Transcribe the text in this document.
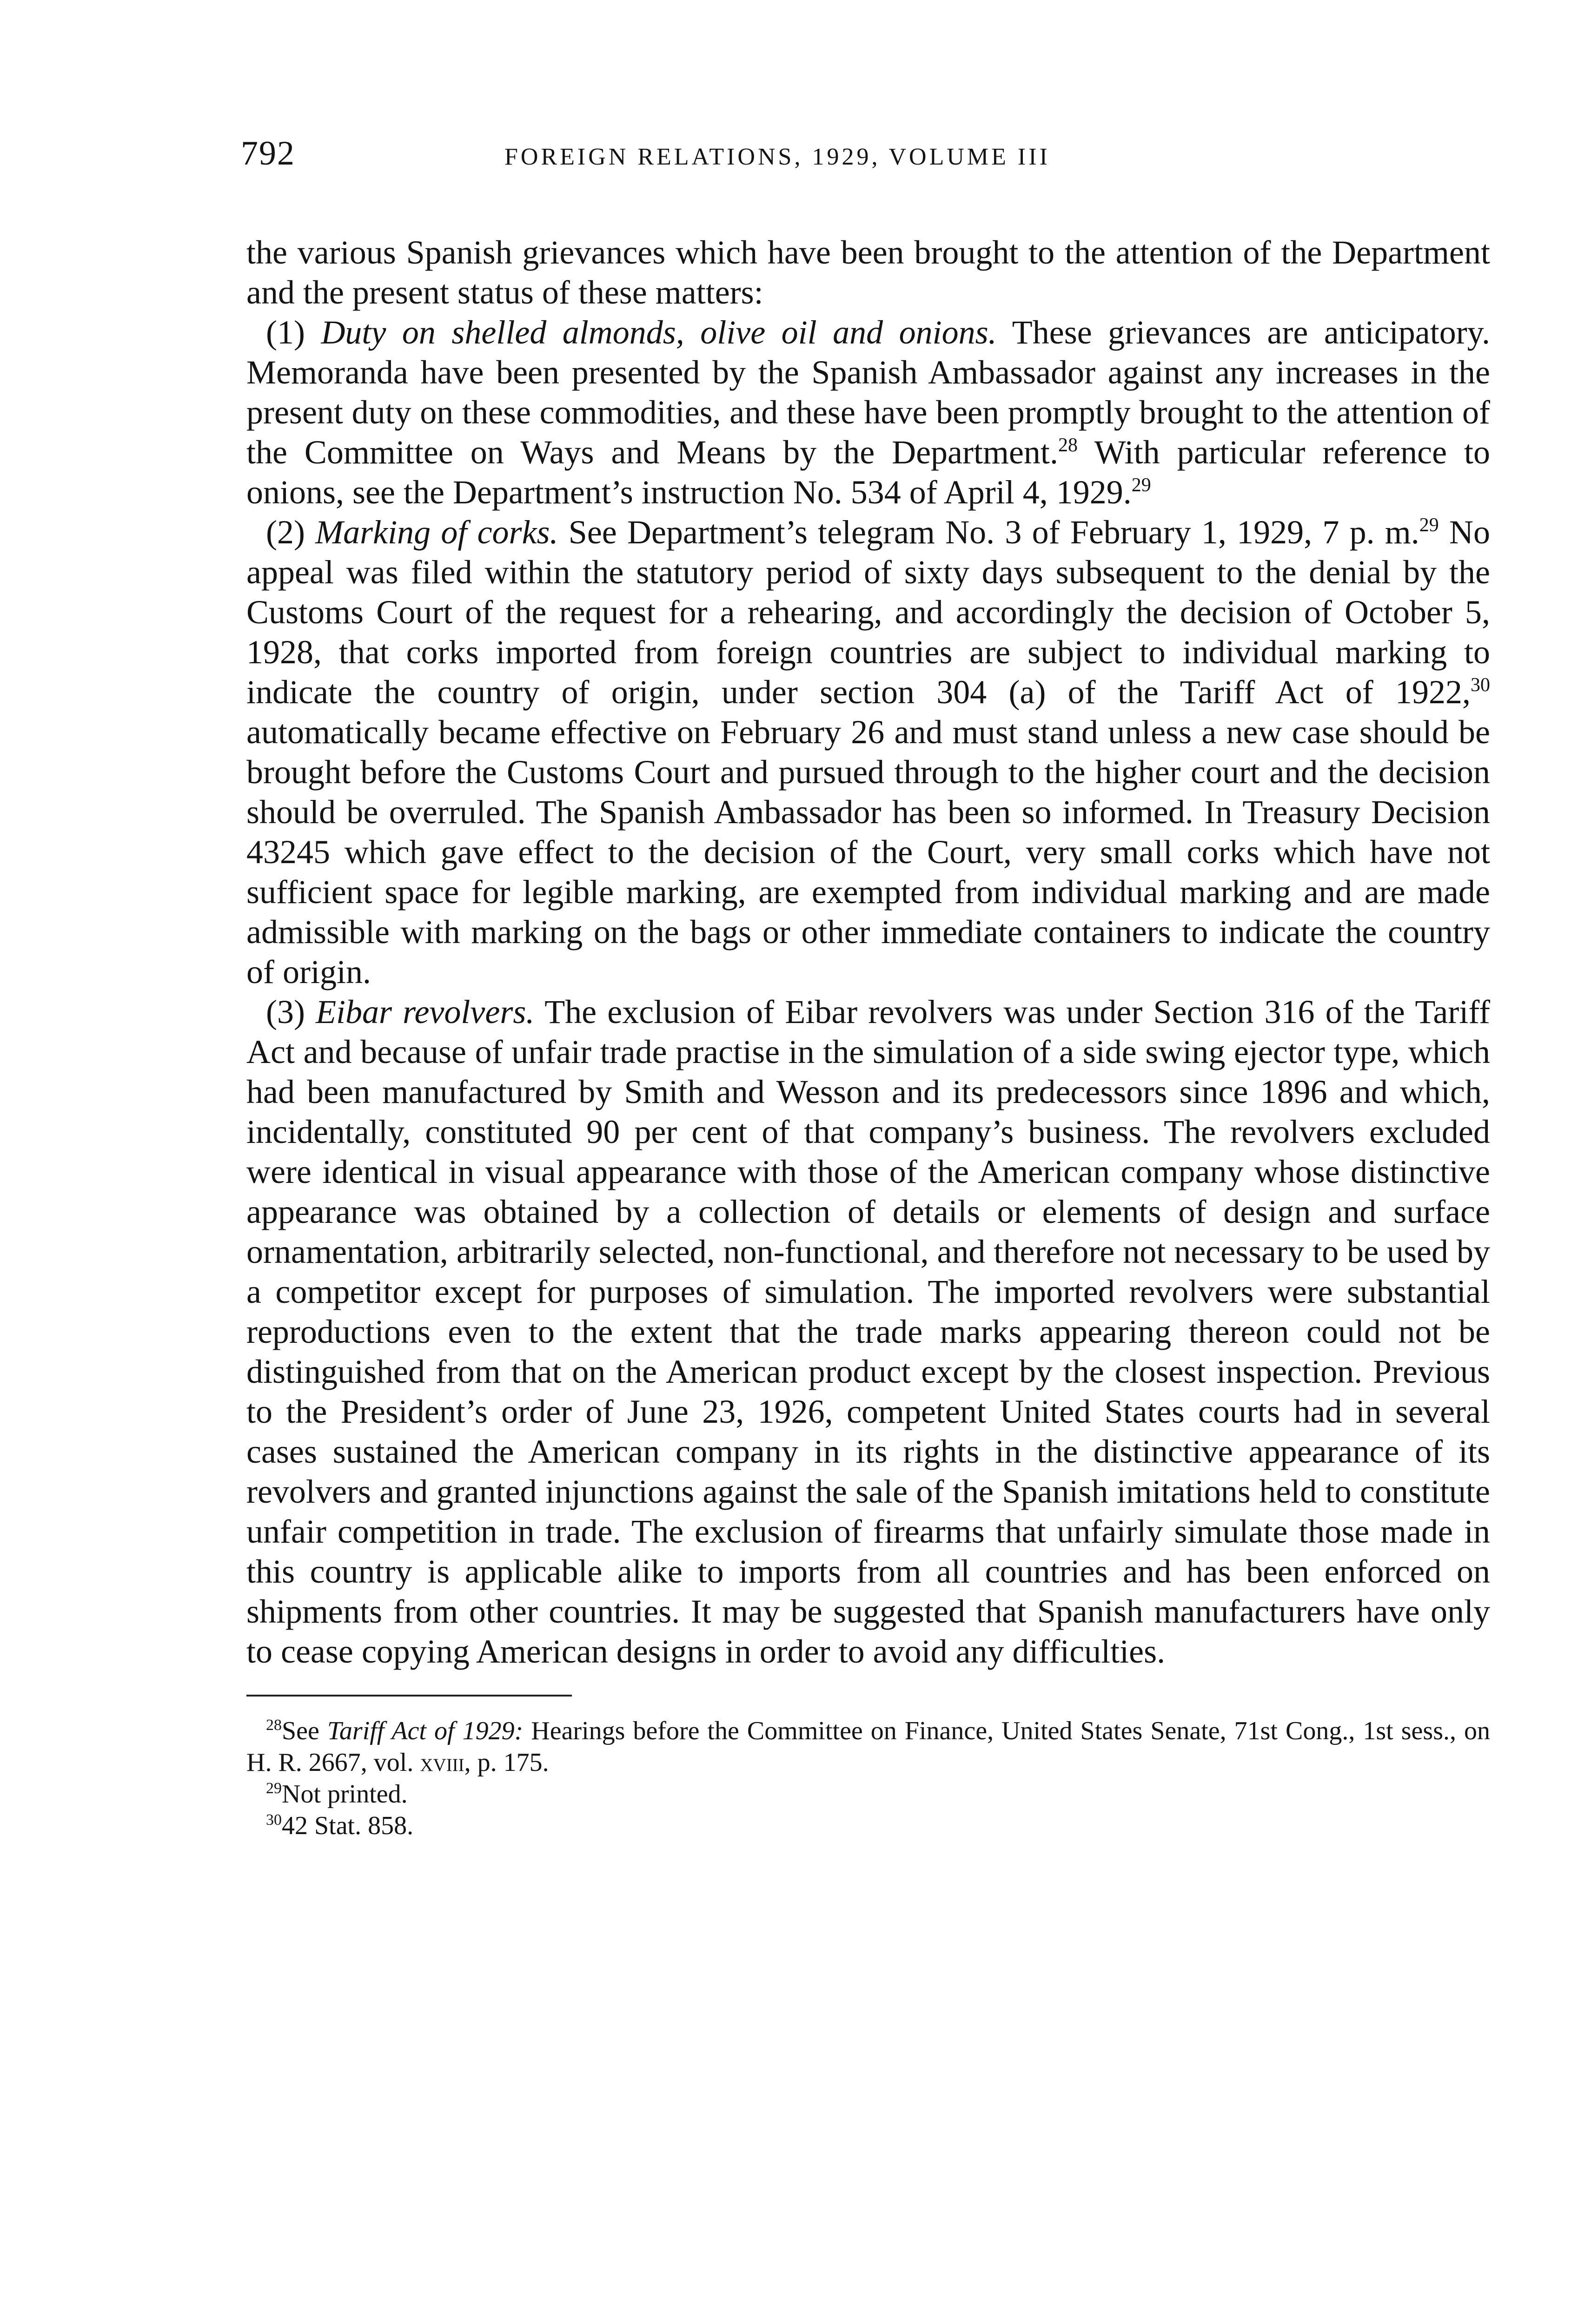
792	FOREIGN RELATIONS, 1929, VOLUME III

the various Spanish grievances which have been brought to the attention of the Department and the present status of these matters:

(1) Duty on shelled almonds, olive oil and onions. These grievances are anticipatory. Memoranda have been presented by the Spanish Ambassador against any increases in the present duty on these commodities, and these have been promptly brought to the attention of the Committee on Ways and Means by the Department.$^{28}$ With particular reference to onions, see the Department’s instruction No. 534 of April 4, 1929.29

(2) Marking of corks. See Department’s telegram No. 3 of February 1, 1929, 7 p. m.$^{29}$ No appeal was filed within the statutory period of sixty days subsequent to the denial by the Customs Court of the request for a rehearing, and accordingly the decision of October 5, 1928, that corks imported from foreign countries are subject to individual marking to indicate the country of origin, under section 304 (a) of the Tariff Act of 1922,30 automatically became effective on February 26 and must stand unless a new case should be brought before the Customs Court and pursued through to the higher court and the decision should be overruled. The Spanish Ambassador has been so informed. In Treasury Decision 43245 which gave effect to the decision of the Court, very small corks which have not sufficient space for legible marking, are exempted from individual marking and are made admissible with marking on the bags or other immediate containers to indicate the country of origin.

(3) Eibar revolvers. The exclusion of Eibar revolvers was under Section 316 of the Tariff Act and because of unfair trade practise in the simulation of a side swing ejector type, which had been manufactured by Smith and Wesson and its predecessors since 1896 and which, incidentally, constituted 90 per cent of that company’s business. The revolvers excluded were identical in visual appearance with those of the American company whose distinctive appearance was obtained by a collection of details or elements of design and surface ornamentation, arbitrarily selected, non-functional, and therefore not necessary to be used by a competitor except for purposes of simulation. The imported revolvers were substantial reproductions even to the extent that the trade marks appearing thereon could not be distinguished from that on the American product except by the closest inspection. Previous to the President’s order of June 23, 1926, competent United States courts had in several cases sustained the American company in its rights in the distinctive appearance of its revolvers and granted injunctions against the sale of the Spanish imitations held to constitute unfair competition in trade. The exclusion of firearms that unfairly simulate those made in this country is applicable alike to imports from all countries and has been enforced on shipments from other countries. It may be suggested that Spanish manufacturers have only to cease copying American designs in order to avoid any difficulties.

$^{28}$See Tariff Act of 1929: Hearings before the Committee on Finance, United States Senate, 71st Cong., 1st sess., on H. R. 2667, vol. xviii, p. 175.

$^{29}$Not printed.

$^{30}$42 Stat. 858.
